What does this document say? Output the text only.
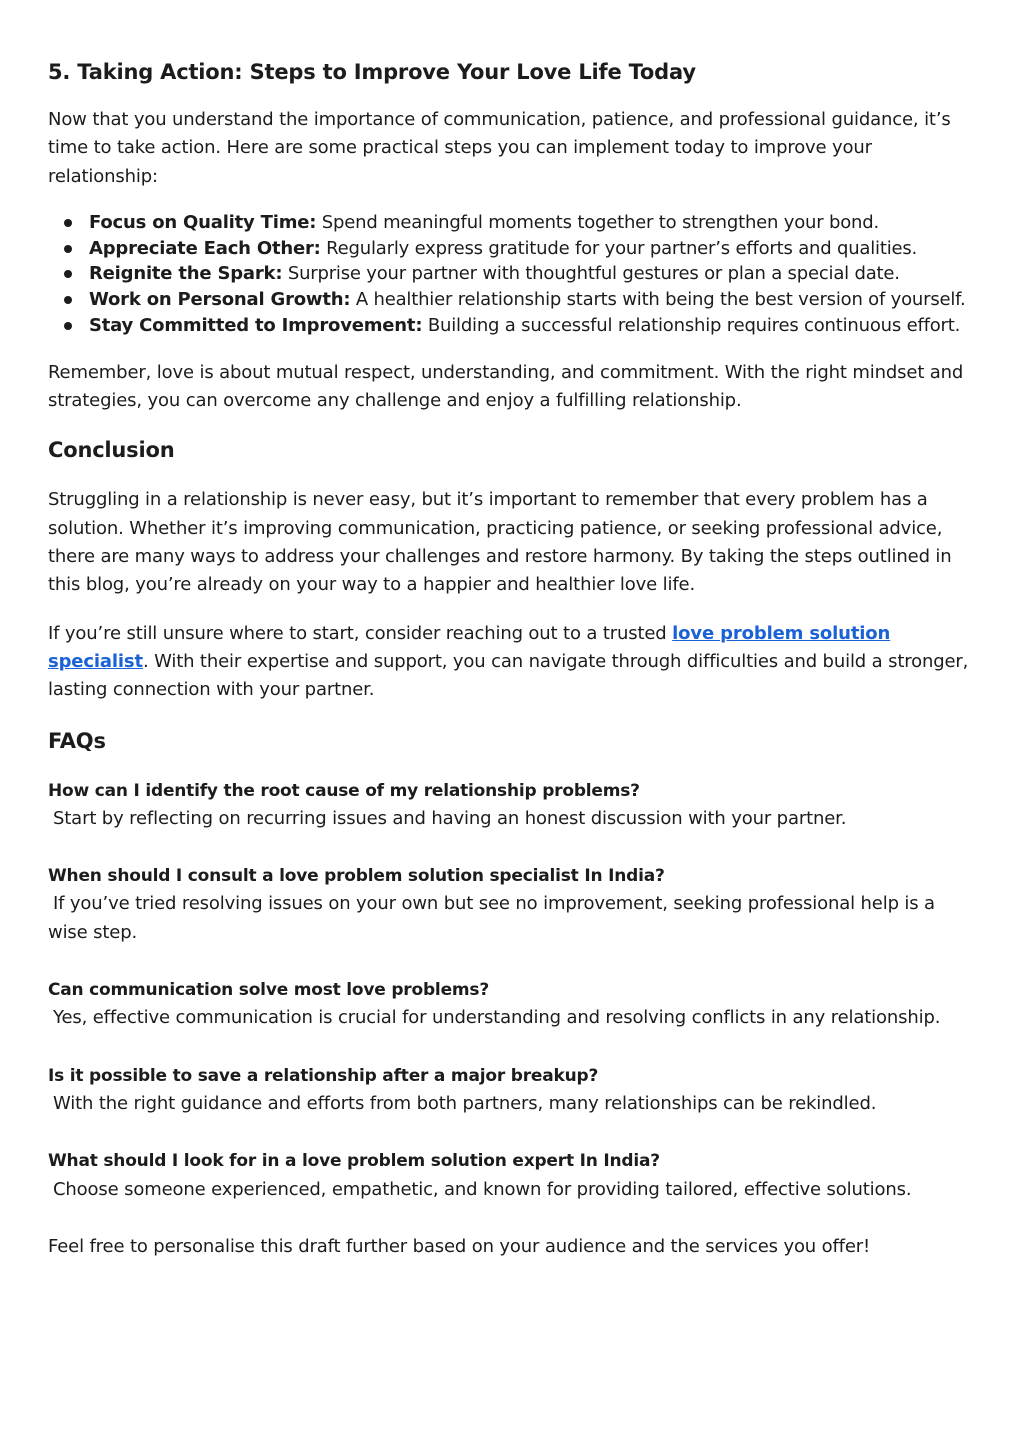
5. Taking Action: Steps to Improve Your Love Life Today

Now that you understand the importance of communication, patience, and professional guidance, it’s time to take action. Here are some practical steps you can implement today to improve your relationship:

Focus on Quality Time: Spend meaningful moments together to strengthen your bond.
Appreciate Each Other: Regularly express gratitude for your partner’s efforts and qualities.
Reignite the Spark: Surprise your partner with thoughtful gestures or plan a special date.
Work on Personal Growth: A healthier relationship starts with being the best version of yourself.
Stay Committed to Improvement: Building a successful relationship requires continuous effort.

Remember, love is about mutual respect, understanding, and commitment. With the right mindset and strategies, you can overcome any challenge and enjoy a fulfilling relationship.

Conclusion

Struggling in a relationship is never easy, but it’s important to remember that every problem has a solution. Whether it’s improving communication, practicing patience, or seeking professional advice, there are many ways to address your challenges and restore harmony. By taking the steps outlined in this blog, you’re already on your way to a happier and healthier love life.

If you’re still unsure where to start, consider reaching out to a trusted love problem solution specialist. With their expertise and support, you can navigate through difficulties and build a stronger, lasting connection with your partner.

FAQs

How can I identify the root cause of my relationship problems?

Start by reflecting on recurring issues and having an honest discussion with your partner.

When should I consult a love problem solution specialist In India?

If you’ve tried resolving issues on your own but see no improvement, seeking professional help is a wise step.

Can communication solve most love problems?

Yes, effective communication is crucial for understanding and resolving conflicts in any relationship.

Is it possible to save a relationship after a major breakup?

With the right guidance and efforts from both partners, many relationships can be rekindled.

What should I look for in a love problem solution expert In India?

Choose someone experienced, empathetic, and known for providing tailored, effective solutions.

Feel free to personalise this draft further based on your audience and the services you offer!
